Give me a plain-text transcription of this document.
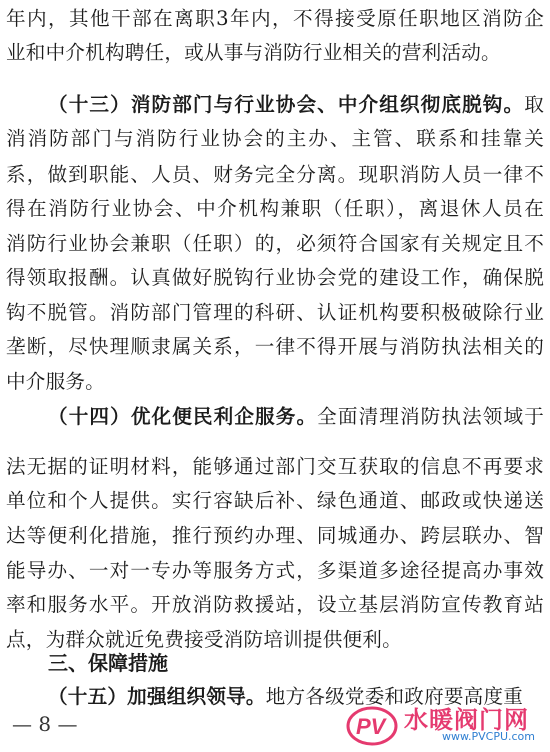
年内，其他干部在离职3年内，不得接受原任职地区消防企
业和中介机构聘任，或从事与消防行业相关的营利活动。
（十三）消防部门与行业协会、中介组织彻底脱钩。取
消消防部门与消防行业协会的主办、主管、联系和挂靠关
系，做到职能、人员、财务完全分离。现职消防人员一律不
得在消防行业协会、中介机构兼职（任职），离退休人员在
消防行业协会兼职（任职）的，必须符合国家有关规定且不
得领取报酬。认真做好脱钩行业协会党的建设工作，确保脱
钩不脱管。消防部门管理的科研、认证机构要积极破除行业
垄断，尽快理顺隶属关系，一律不得开展与消防执法相关的
中介服务。
（十四）优化便民利企服务。全面清理消防执法领域于
法无据的证明材料，能够通过部门交互获取的信息不再要求
单位和个人提供。实行容缺后补、绿色通道、邮政或快递送
达等便利化措施，推行预约办理、同城通办、跨层联办、智
能导办、一对一专办等服务方式，多渠道多途径提高办事效
率和服务水平。开放消防救援站，设立基层消防宣传教育站
点，为群众就近免费接受消防培训提供便利。
三、保障措施
（十五）加强组织领导。地方各级党委和政府要高度重
— 8 —	PV 水暖阀门网
www.PVCPU.com
